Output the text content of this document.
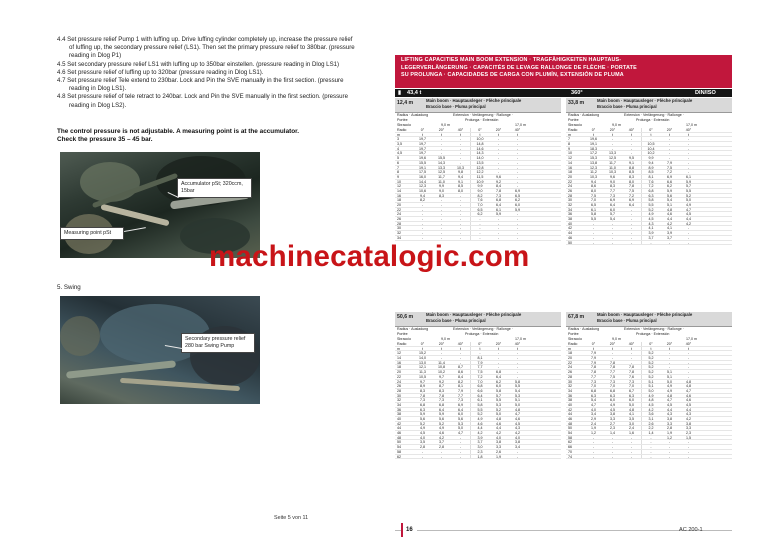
4.4 Set pressure relief Pump 1 with luffing up. Drive luffing cylinder completely up, increase the pressure relief of luffing up, the secondary pressure relief (LS1). Then set the primary pressure relief to 380bar. (pressure reading in Dlog P1)
4.5 Set secondary pressure relief LS1 with luffing up to 350bar einstellen. (pressure reading in Dlog LS1)
4.6 Set pressure relief of luffing up to 320bar (pressure reading in Dlog LS1).
4.7 Set pressure relief Tele extend to 230bar. Lock and Pin the SVE manually in the first section. (pressure reading in Dlog LS1).
4.8 Set pressure relief of tele retract to 240bar. Lock and Pin the SVE manually in the first section. (pressure reading in Dlog LS2).
The control pressure is not adjustable. A measuring point is at the accumulator.
Check the pressure 35 – 45 bar.
Accumulator pSt; 320ccm, 15bar
Measuring point pSt
5. Swing
Secondary pressure relief 280 bar Swing Pump
Seite 5 von 11
LIFTING CAPACITIES MAIN BOOM EXTENSION · TRAGFÄHIGKEITEN HAUPTAUS-
LEGERVERLÄNGERUNG · CAPACITÉS DE LEVAGE RALLONGE DE FLÈCHE · PORTATE
SU PROLUNGA · CAPACIDADES DE CARGA CON PLUMÍN, EXTENSIÓN DE PLUMA
▮ 43,4 t	360°	DIN/ISO
12,4 m	Main boom · Hauptausleger · Flèche principale
Braccio base · Pluma principal
Radius · Ausladung	Extension · Verlängerung · Rallonge ·
Portée	Prolunga · Extensión
Sbraccio	9,0 m	17,0 m
Radio	0°	20°	40°	0°	20°	40°
m	t	t	t	t	t	t
3	19,7	-	-	10,0	-	-
3,5	19,7	-	-	14,8	-	-
4	19,7	-	-	14,6	-	-
4,5	19,7	-	-	14,3	-	-
5	19,6	15,5	-	14,0	-	-
6	15,5	14,3	-	13,5	-	-
7	19,1	13,3	10,3	12,8	-	-
8	17,5	12,5	9,8	12,2	-	-
9	16,0	11,7	9,4	11,5	9,6	-
10	14,4	11,0	9,1	10,9	9,2	-
12	12,3	9,9	8,5	9,9	8,4	-
14	10,6	9,0	8,0	9,0	7,8	6,9
16	9,4	8,3	-	8,2	7,3	6,5
18	8,2	-	-	7,6	6,8	6,2
20	-	-	-	7,0	6,4	6,0
22	-	-	-	6,5	6,1	5,9
24	-	-	-	6,2	5,9	-
26	-	-	-	-	-	-
28	-	-	-	-	-	-
30	-	-	-	-	-	-
32	-	-	-	-	-	-
34	-	-	-	-	-	-
33,8 m	Main boom · Hauptausleger · Flèche principale
Braccio base · Pluma principal
Radius · Ausladung	Extension · Verlängerung · Rallonge ·
Portée	Prolunga · Extensión
Sbraccio	9,0 m	17,0 m
Radio	0°	20°	40°	0°	20°	40°
m	t	t	t	t	t	t
7	19,6	-	-	-	-	-
8	19,1	-	-	10,5	-	-
9	18,3	-	-	10,4	-	-
10	17,2	13,3	-	10,2	-	-
12	15,3	12,5	9,5	9,9	-	-
14	13,8	11,7	9,1	9,4	7,9	-
16	12,3	11,0	8,8	8,9	7,5	-
18	11,2	10,3	8,5	8,5	7,2	-
20	10,3	9,6	8,3	8,1	6,9	6,1
22	9,4	9,0	8,0	7,6	6,6	5,9
24	8,6	8,3	7,8	7,2	6,2	5,7
26	8,0	7,7	7,5	6,8	5,9	5,5
28	7,5	7,3	7,2	6,3	5,6	5,2
30	7,0	6,9	6,9	5,8	5,4	5,0
32	6,5	6,4	6,4	5,5	5,1	4,9
34	6,1	6,0	-	5,2	4,8	4,7
36	5,8	5,7	-	4,9	4,6	4,5
38	5,5	5,4	-	4,5	4,4	4,4
40	-	-	-	4,3	4,2	4,2
42	-	-	-	4,1	4,1	-
44	-	-	-	3,9	3,9	-
46	-	-	-	3,7	3,7	-
50	-	-	-	-	-	-
50,6 m	Main boom · Hauptausleger · Flèche principale
Braccio base · Pluma principal
Radius · Ausladung	Extension · Verlängerung · Rallonge ·
Portée	Prolunga · Extensión
Sbraccio	9,0 m	17,0 m
Radio	0°	20°	40°	0°	20°	40°
m	t	t	t	t	t	t
12	15,2	-	-	-	-	-
14	14,0	-	-	8,1	-	-
16	13,0	11,4	-	7,9	-	-
18	12,1	10,8	8,7	7,7	-	-
20	11,3	10,2	8,6	7,5	6,8	-
22	10,5	9,7	8,4	7,2	6,4	-
24	9,7	9,2	8,2	7,0	6,2	5,8
26	8,9	8,7	8,1	6,8	6,0	5,5
28	8,3	8,3	7,9	6,6	5,8	5,4
30	7,8	7,8	7,7	6,4	5,7	5,3
32	7,3	7,3	7,3	6,1	5,5	5,1
34	6,8	6,8	6,9	5,8	5,3	5,0
36	6,3	6,4	6,4	5,5	5,2	4,8
38	5,9	5,9	6,0	5,2	5,0	4,7
40	5,6	5,6	5,6	4,9	4,8	4,6
42	5,2	5,2	5,3	4,6	4,6	4,5
44	4,9	4,9	5,0	4,4	4,4	4,3
46	4,5	4,6	4,7	4,2	4,2	4,2
48	4,0	4,2	-	3,9	4,0	4,0
50	3,5	3,7	-	3,7	3,8	3,8
54	2,8	2,8	-	3,0	3,3	3,4
58	-	-	-	2,3	2,6	-
62	-	-	-	1,8	1,9	-
67,8 m	Main boom · Hauptausleger · Flèche principale
Braccio base · Pluma principal
Radius · Ausladung	Extension · Verlängerung · Rallonge ·
Portée	Prolunga · Extensión
Sbraccio	9,0 m	17,0 m
Radio	0°	20°	40°	0°	20°	40°
m	t	t	t	t	t	t
18	7,9	-	-	5,2	-	-
20	7,9	-	-	5,2	-	-
22	7,9	7,8	-	5,2	-	-
24	7,8	7,8	7,8	5,2	-	-
26	7,8	7,7	7,8	5,2	5,1	-
28	7,7	7,5	7,6	5,2	5,1	-
30	7,3	7,3	7,3	5,1	5,0	4,8
32	7,0	7,0	7,0	5,1	4,9	4,8
34	6,8	6,8	6,7	5,0	4,9	4,7
36	6,3	6,3	6,3	4,9	4,8	4,6
38	5,4	6,0	6,0	4,8	4,7	4,6
40	4,7	4,9	5,0	4,5	4,5	4,5
42	4,0	4,5	4,8	4,2	4,4	4,4
44	3,4	3,8	4,1	3,6	4,3	4,3
46	2,9	3,3	3,5	3,1	3,8	4,2
48	2,4	2,7	3,0	2,6	3,3	3,8
50	1,9	2,3	2,4	2,2	2,8	3,3
54	1,2	1,4	1,6	1,4	1,9	2,3
58	-	-	-	-	1,2	1,5
62	-	-	-	-	-	-
66	-	-	-	-	-	-
70	-	-	-	-	-	-
74	-	-	-	-	-	-
16	AC 200-1
machinecatalogic.com
